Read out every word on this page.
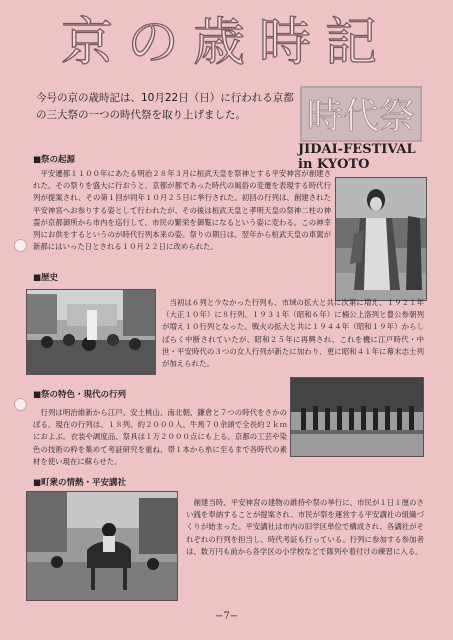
京の歳時記
今号の京の歳時記は、10月22日（日）に行われる京都の三大祭の一つの時代祭を取り上げました。	時代祭
JIDAI-FESTIVAL
in KYOTO
■祭の起源
　平安遷都１１００年にあたる明治２８年３月に桓武天皇を祭神とする平安神宮が創建された。その祭りを盛大に行おうと、京都が都であった時代の風俗の変遷を表現する時代行列が提案され、その第１回が同年１０月２５日に挙行された。初回の行列は、創建された平安神宮へお参りする姿として行われたが、その後は桓武天皇と孝明天皇の祭神二柱の神霊が京都御所から市内を巡行して、市民の繁栄を御覧になるという姿に変わる。この神幸列にお供をするというのが時代行列本来の姿。祭りの期日は、翌年から桓武天皇の車駕が新都にはいった日とされる１０月２２日に改められた。
■歴史
　当初は６列と少なかった行列も、市域の拡大と共に次第に増え、１９２１年（大正１０年）に８行列、１９３１年（昭和６年）に楠公上洛列と豊公参朝列が増え１０行列となった。戦火の拡大と共に１９４４年（昭和１９年）からしばらく中断されていたが、昭和２５年に再興され、これを機に江戸時代・中世・平安時代の３つの女人行列が新たに加わり、更に昭和４１年に幕末志士列が加えられた。
■祭の特色・現代の行列
　行列は明治維新から江戸、安土桃山、南北朝、鎌倉と７つの時代をさかのぼる。現在の行列は、１８列、約２０００人、牛馬７０余頭で全長約２ｋｍにおよぶ。衣装や調度品、祭具は１万２０００点にも上る。京都の工芸や染色の技術の粋を集めて考証研究を重ね、帯１本から糸に至るまで各時代の素材を使い現在に蘇らせた。
■町衆の情熱・平安講社
　創建当時、平安神宮の建物の維持や祭の挙行に、市民が１日１厘のさい銭を奉納することが提案され、市民が祭を運営する平安講社の組織づくりが始まった。平安講社は市内の旧学区単位で構成され、各講社がそれぞれの行列を担当し、時代考証も行っている。行列に参加する参加者は、数万円も前から各学区の小学校などで隊列や着付けの練習に入る。
−7−
